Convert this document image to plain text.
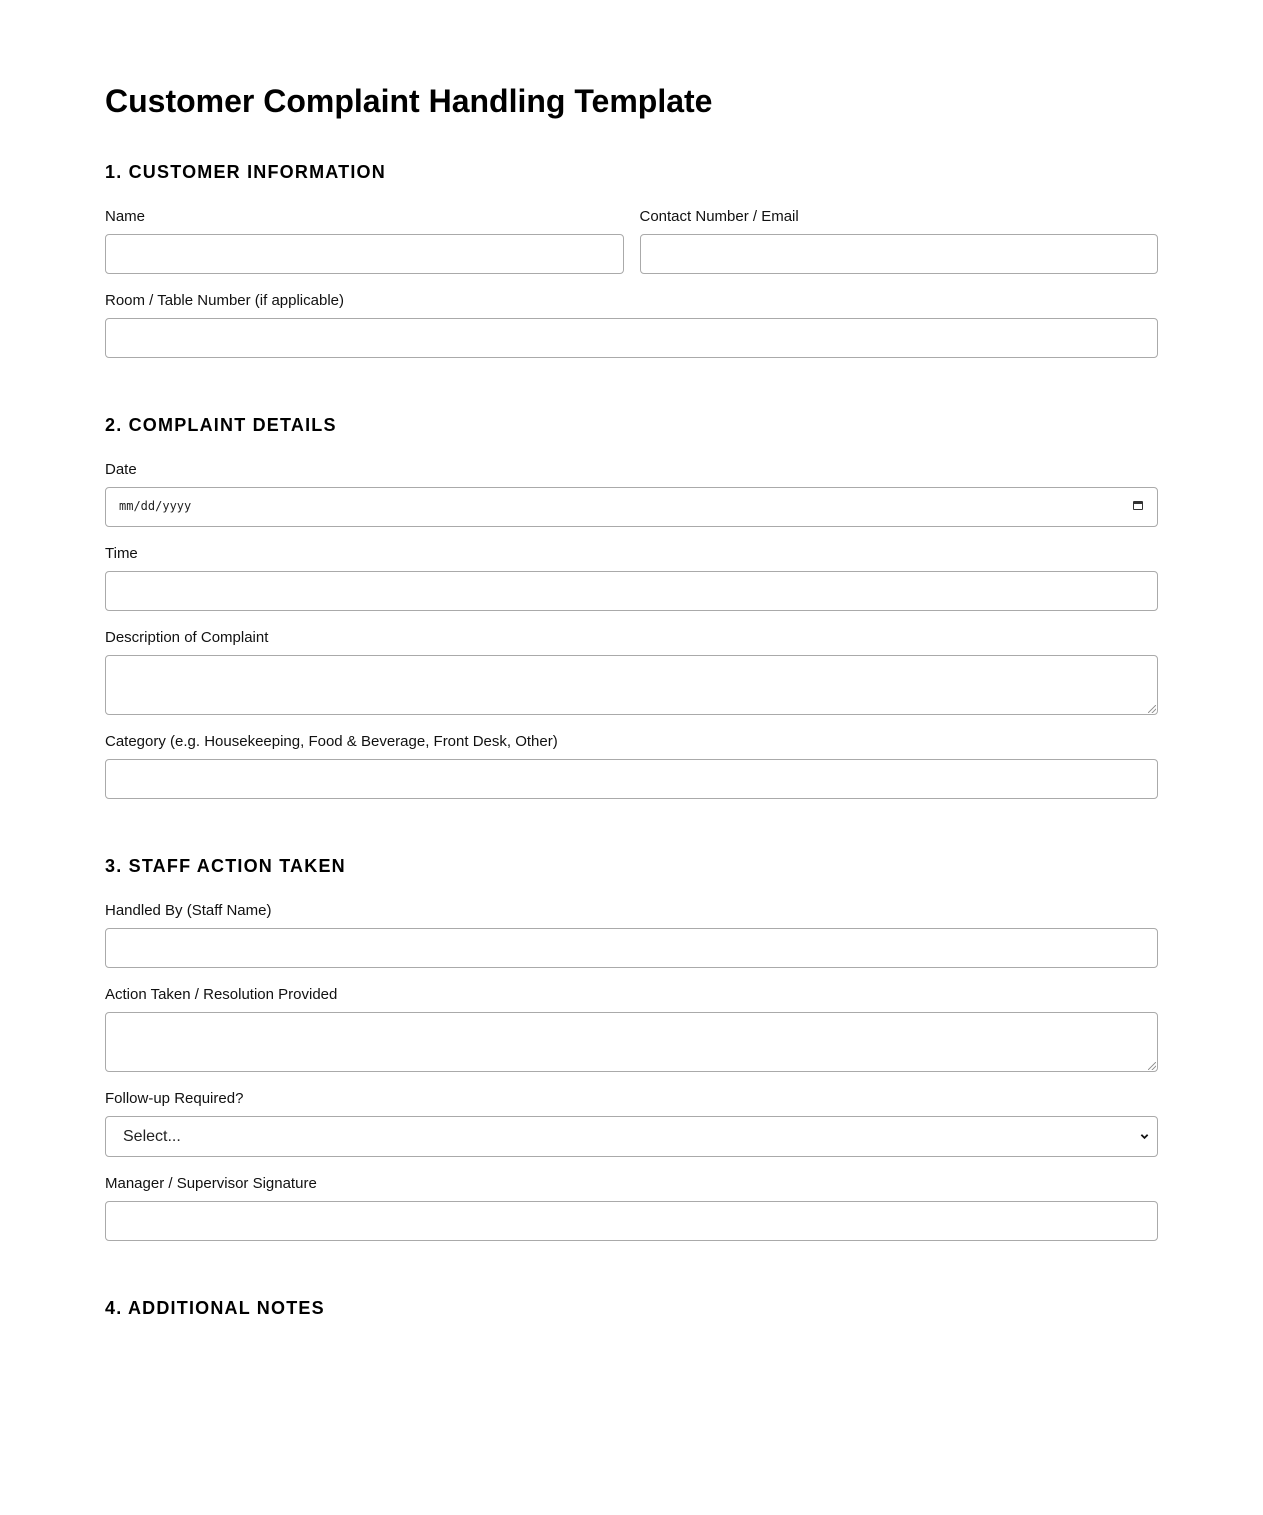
Customer Complaint Handling Template
1. CUSTOMER INFORMATION
Name	Contact Number / Email
Room / Table Number (if applicable)
2. COMPLAINT DETAILS
Date
mm/dd/yyyy
Time
Description of Complaint
Category (e.g. Housekeeping, Food & Beverage, Front Desk, Other)
3. STAFF ACTION TAKEN
Handled By (Staff Name)
Action Taken / Resolution Provided
Follow-up Required?
Select...
Manager / Supervisor Signature
4. ADDITIONAL NOTES
